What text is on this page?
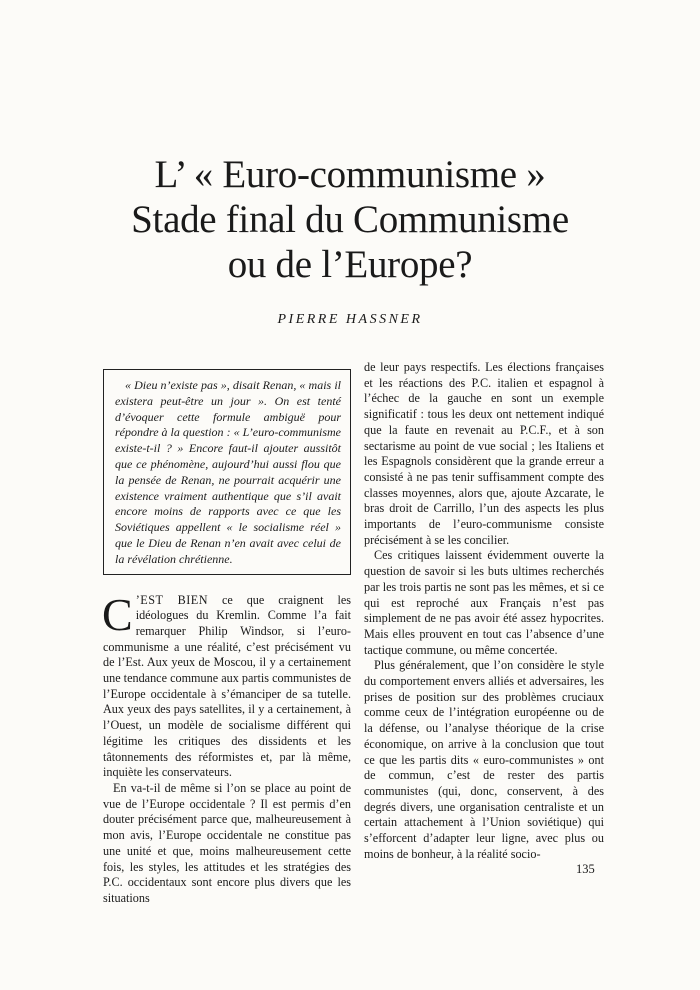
L’ « Euro-communisme »
Stade final du Communisme
ou de l’Europe?
PIERRE HASSNER

« Dieu n’existe pas », disait Renan, « mais il existera peut-être un jour ». On est tenté d’évoquer cette formule ambiguë pour répondre à la question : « L’euro-communisme existe-t-il ? » Encore faut-il ajouter aussitôt que ce phénomène, aujourd’hui aussi flou que la pensée de Renan, ne pourrait acquérir une existence vraiment authentique que s’il avait encore moins de rapports avec ce que les Soviétiques appellent « le socialisme réel » que le Dieu de Renan n’en avait avec celui de la révélation chrétienne.

C ’EST BIEN ce que craignent les idéologues du Kremlin. Comme l’a fait remarquer Philip Windsor, si l’euro-communisme a une réalité, c’est précisément vu de l’Est. Aux yeux de Moscou, il y a certainement une tendance commune aux partis communistes de l’Europe occidentale à s’émanciper de sa tutelle. Aux yeux des pays satellites, il y a certainement, à l’Ouest, un modèle de socialisme différent qui légitime les critiques des dissidents et les tâtonnements des réformistes et, par là même, inquiète les conservateurs.

En va-t-il de même si l’on se place au point de vue de l’Europe occidentale ? Il est permis d’en douter précisément parce que, malheureusement à mon avis, l’Europe occidentale ne constitue pas une unité et que, moins malheureusement cette fois, les styles, les attitudes et les stratégies des P.C. occidentaux sont encore plus divers que les situations

de leur pays respectifs. Les élections françaises et les réactions des P.C. italien et espagnol à l’échec de la gauche en sont un exemple significatif : tous les deux ont nettement indiqué que la faute en revenait au P.C.F., et à son sectarisme au point de vue social ; les Italiens et les Espagnols considèrent que la grande erreur a consisté à ne pas tenir suffisamment compte des classes moyennes, alors que, ajoute Azcarate, le bras droit de Carrillo, l’un des aspects les plus importants de l’euro-communisme consiste précisément à se les concilier.

Ces critiques laissent évidemment ouverte la question de savoir si les buts ultimes recherchés par les trois partis ne sont pas les mêmes, et si ce qui est reproché aux Français n’est pas simplement de ne pas avoir été assez hypocrites. Mais elles prouvent en tout cas l’absence d’une tactique commune, ou même concertée.

Plus généralement, que l’on considère le style du comportement envers alliés et adversaires, les prises de position sur des problèmes cruciaux comme ceux de l’intégration européenne ou de la défense, ou l’analyse théorique de la crise économique, on arrive à la conclusion que tout ce que les partis dits « euro-communistes » ont de commun, c’est de rester des partis communistes (qui, donc, conservent, à des degrés divers, une organisation centraliste et un certain attachement à l’Union soviétique) qui s’efforcent d’adapter leur ligne, avec plus ou moins de bonheur, à la réalité socio-

135
